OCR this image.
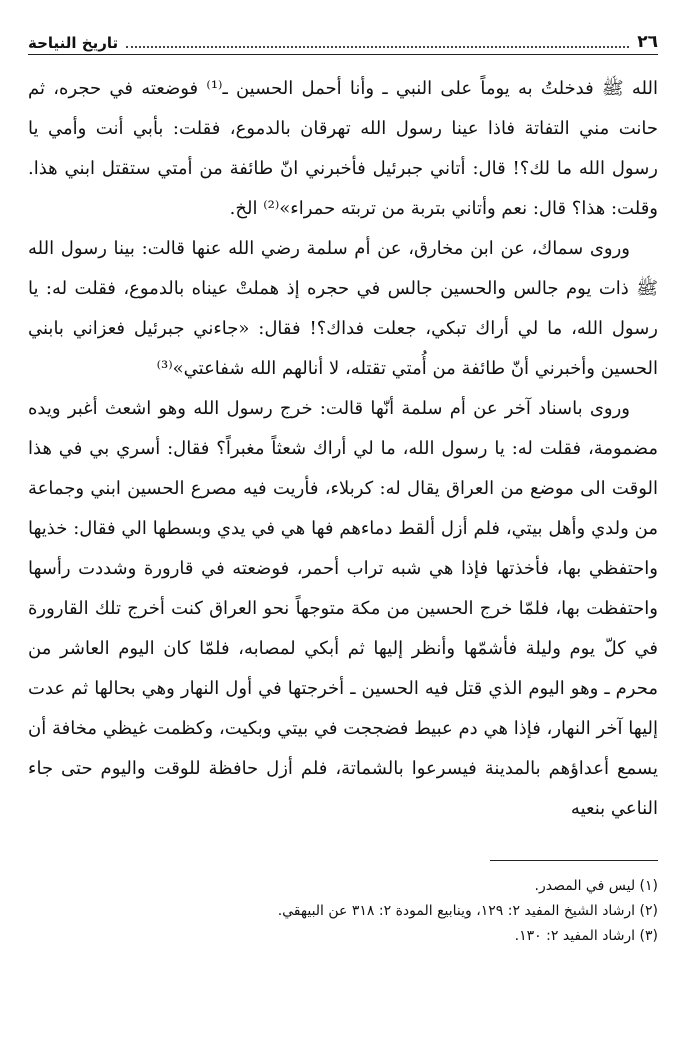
٢٦
تاريخ النياحة

الله ﷺ فدخلتُ به يوماً على النبي ـ وأنا أحمل الحسين ـ⁽¹⁾ فوضعته في حجره، ثم حانت مني التفاتة فاذا عينا رسول الله تهرقان بالدموع، فقلت: بأبي أنت وأمي يا رسول الله ما لك؟! قال: أتاني جبرئيل فأخبرني انّ طائفة من أمتي ستقتل ابني هذا. وقلت: هذا؟ قال: نعم وأتاني بتربة من تربته حمراء»⁽²⁾ الخ.

وروى سماك، عن ابن مخارق، عن أم سلمة رضي الله عنها قالت: بينا رسول الله ﷺ ذات يوم جالس والحسين جالس في حجره إذ هملتْ عيناه بالدموع، فقلت له: يا رسول الله، ما لي أراك تبكي، جعلت فداك؟! فقال: «جاءني جبرئيل فعزاني بابني الحسين وأخبرني أنّ طائفة من أُمتي تقتله، لا أنالهم الله شفاعتي»⁽³⁾

وروى باسناد آخر عن أم سلمة أنّها قالت: خرج رسول الله وهو اشعث أغبر ويده مضمومة، فقلت له: يا رسول الله، ما لي أراك شعثاً مغبراً؟ فقال: أسري بي في هذا الوقت الى موضع من العراق يقال له: كربلاء، فأريت فيه مصرع الحسين ابني وجماعة من ولدي وأهل بيتي، فلم أزل ألقط دماءهم فها هي في يدي وبسطها الي فقال: خذيها واحتفظي بها، فأخذتها فإذا هي شبه تراب أحمر، فوضعته في قارورة وشددت رأسها واحتفظت بها، فلمّا خرج الحسين من مكة متوجهاً نحو العراق كنت أخرج تلك القارورة في كلّ يوم وليلة فأشمّها وأنظر إليها ثم أبكي لمصابه، فلمّا كان اليوم العاشر من محرم ـ وهو اليوم الذي قتل فيه الحسين ـ أخرجتها في أول النهار وهي بحالها ثم عدت إليها آخر النهار، فإذا هي دم عبيط فضججت في بيتي وبكيت، وكظمت غيظي مخافة أن يسمع أعداؤهم بالمدينة فيسرعوا بالشماتة، فلم أزل حافظة للوقت واليوم حتى جاء الناعي بنعيه

(١) ليس في المصدر.

(٢) ارشاد الشيخ المفيد ٢: ١٢٩، وينابيع المودة ٢: ٣١٨ عن البيهقي.

(٣) ارشاد المفيد ٢: ١٣٠.
